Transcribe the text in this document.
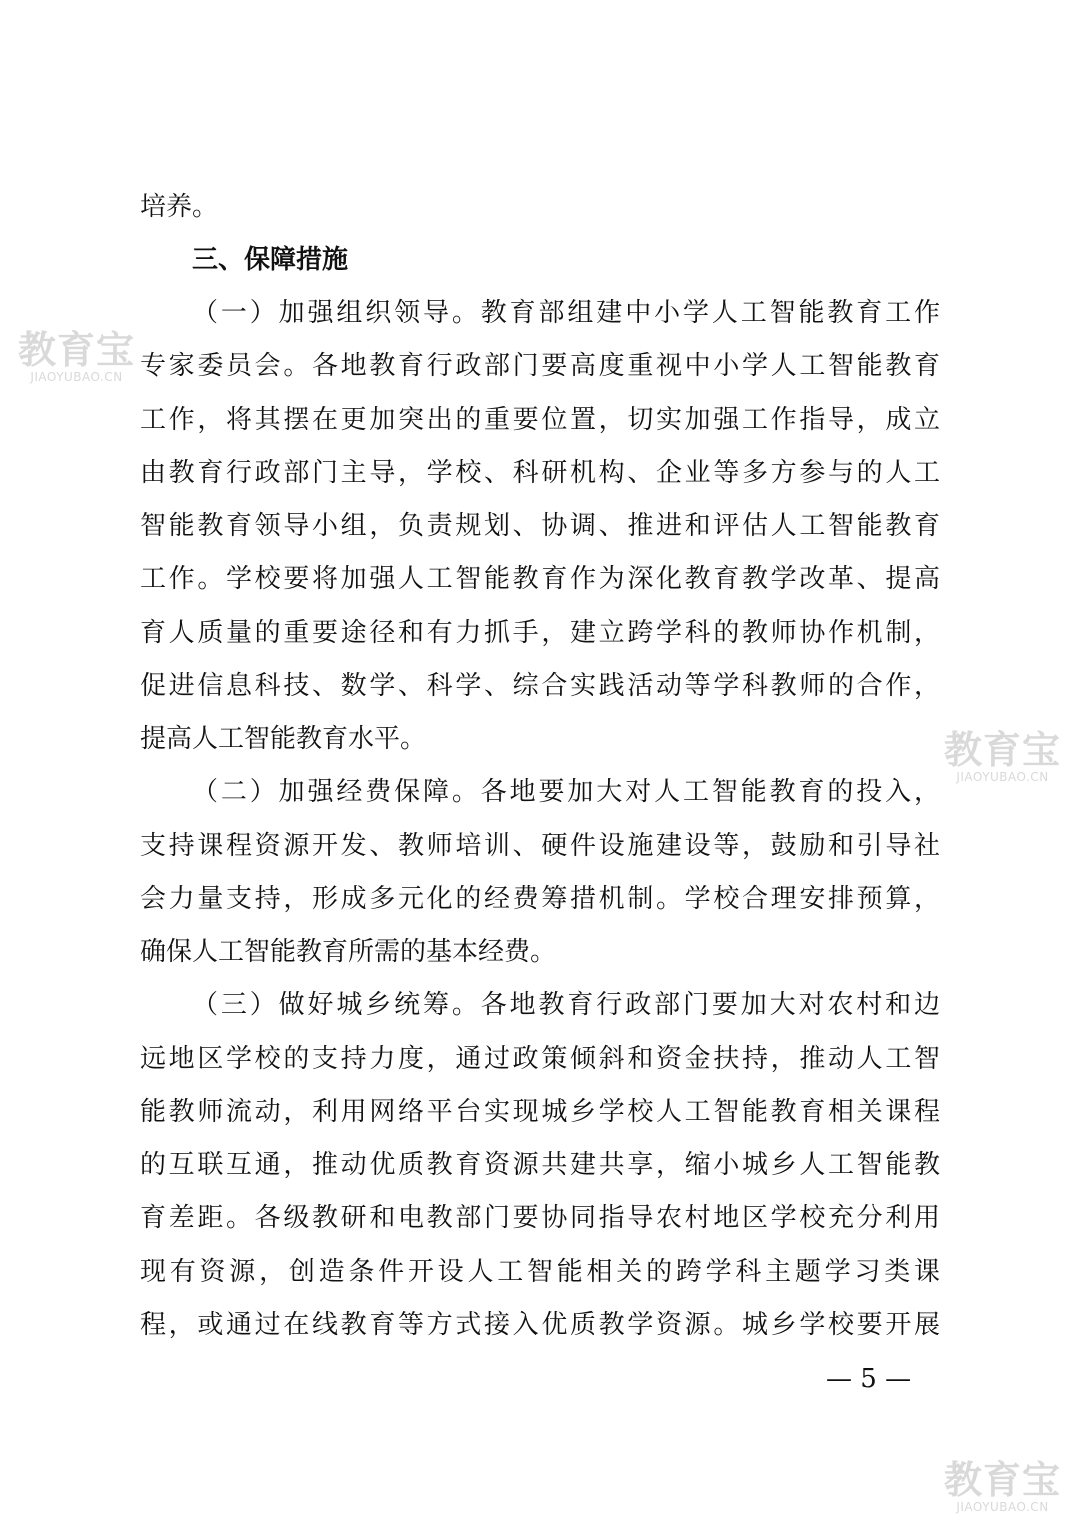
培养。
三、保障措施
（一）加强组织领导。教育部组建中小学人工智能教育工作
专家委员会。各地教育行政部门要高度重视中小学人工智能教育
工作，将其摆在更加突出的重要位置，切实加强工作指导，成立
由教育行政部门主导，学校、科研机构、企业等多方参与的人工
智能教育领导小组，负责规划、协调、推进和评估人工智能教育
工作。学校要将加强人工智能教育作为深化教育教学改革、提高
育人质量的重要途径和有力抓手，建立跨学科的教师协作机制，
促进信息科技、数学、科学、综合实践活动等学科教师的合作，
提高人工智能教育水平。
（二）加强经费保障。各地要加大对人工智能教育的投入，
支持课程资源开发、教师培训、硬件设施建设等，鼓励和引导社
会力量支持，形成多元化的经费筹措机制。学校合理安排预算，
确保人工智能教育所需的基本经费。
（三）做好城乡统筹。各地教育行政部门要加大对农村和边
远地区学校的支持力度，通过政策倾斜和资金扶持，推动人工智
能教师流动，利用网络平台实现城乡学校人工智能教育相关课程
的互联互通，推动优质教育资源共建共享，缩小城乡人工智能教
育差距。各级教研和电教部门要协同指导农村地区学校充分利用
现有资源，创造条件开设人工智能相关的跨学科主题学习类课
程，或通过在线教育等方式接入优质教学资源。城乡学校要开展
— 5 —
教育宝
JIAOYUBAO.CN
教育宝
JIAOYUBAO.CN
教育宝
JIAOYUBAO.CN
